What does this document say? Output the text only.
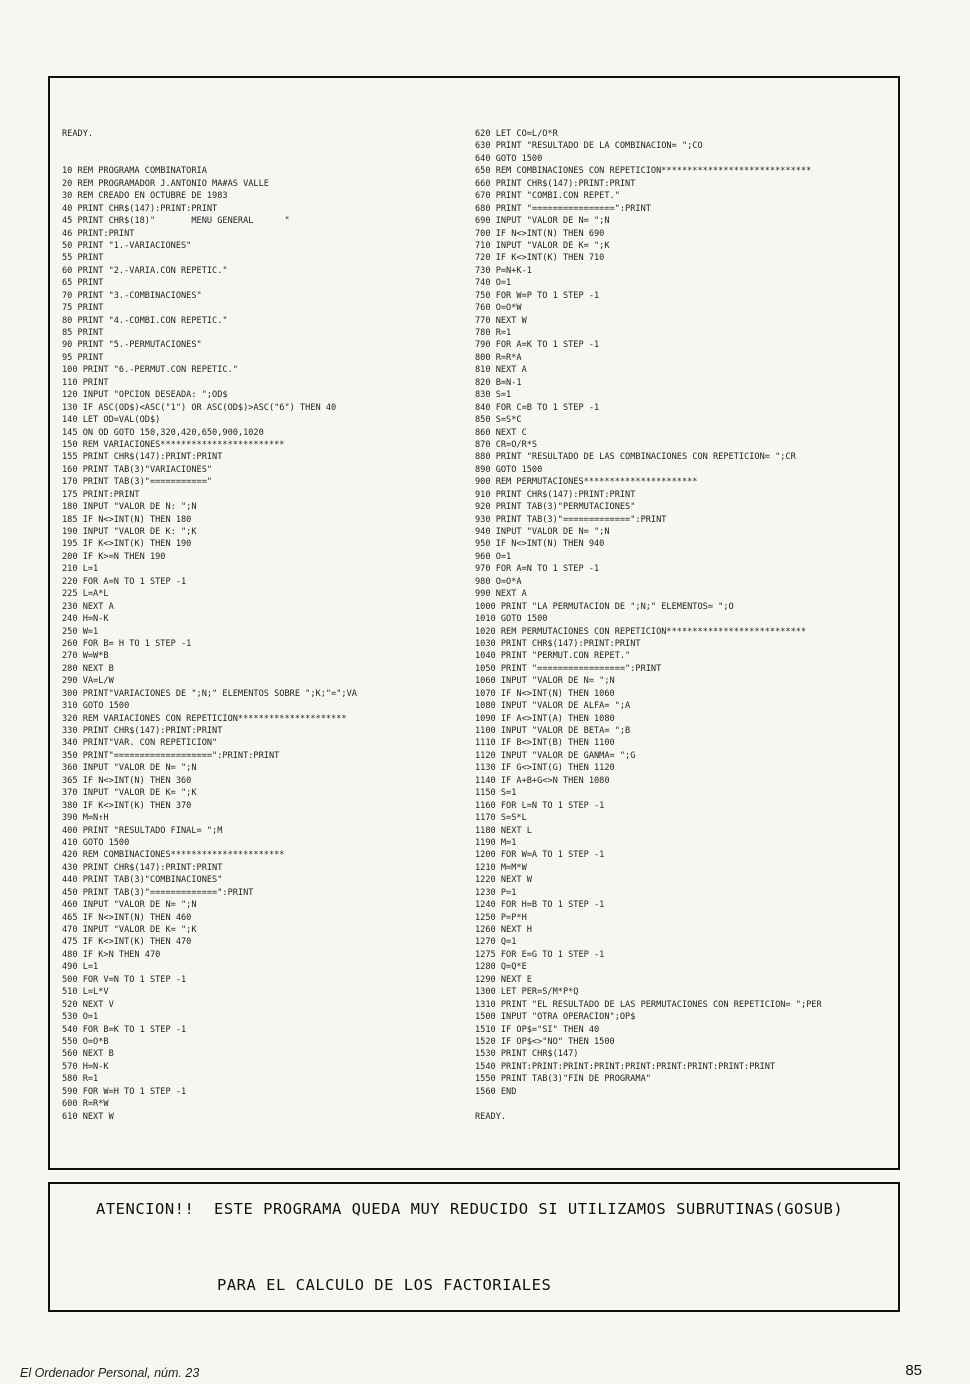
READY.
10 REM PROGRAMA COMBINATORIA
20 REM PROGRAMADOR J.ANTONIO MA#AS VALLE
30 REM CREADO EN OCTUBRE DE 1983
40 PRINT CHR$(147):PRINT:PRINT
45 PRINT CHR$(18)"       MENU GENERAL      "
46 PRINT:PRINT
50 PRINT "1.-VARIACIONES"
55 PRINT
60 PRINT "2.-VARIA.CON REPETIC."
65 PRINT
70 PRINT "3.-COMBINACIONES"
75 PRINT
80 PRINT "4.-COMBI.CON REPETIC."
85 PRINT
90 PRINT "5.-PERMUTACIONES"
95 PRINT
100 PRINT "6.-PERMUT.CON REPETIC."
110 PRINT
120 INPUT "OPCION DESEADA: ";OD$
130 IF ASC(OD$)<ASC("1") OR ASC(OD$)>ASC("6") THEN 40
140 LET OD=VAL(OD$)
145 ON OD GOTO 150,320,420,650,900,1020
150 REM VARIACIONES************************
155 PRINT CHR$(147):PRINT:PRINT
160 PRINT TAB(3)"VARIACIONES"
170 PRINT TAB(3)"==========="
175 PRINT:PRINT
180 INPUT "VALOR DE N: ";N
185 IF N<>INT(N) THEN 180
190 INPUT "VALOR DE K: ";K
195 IF K<>INT(K) THEN 190
200 IF K>=N THEN 190
210 L=1
220 FOR A=N TO 1 STEP -1
225 L=A*L
230 NEXT A
240 H=N-K
250 W=1
260 FOR B= H TO 1 STEP -1
270 W=W*B
280 NEXT B
290 VA=L/W
300 PRINT"VARIACIONES DE ";N;" ELEMENTOS SOBRE ";K;"=";VA
310 GOTO 1500
320 REM VARIACIONES CON REPETICION*********************
330 PRINT CHR$(147):PRINT:PRINT
340 PRINT"VAR. CON REPETICION"
350 PRINT"===================":PRINT:PRINT
360 INPUT "VALOR DE N= ";N
365 IF N<>INT(N) THEN 360
370 INPUT "VALOR DE K= ";K
380 IF K<>INT(K) THEN 370
390 M=N↑H
400 PRINT "RESULTADO FINAL= ";M
410 GOTO 1500
420 REM COMBINACIONES**********************
430 PRINT CHR$(147):PRINT:PRINT
440 PRINT TAB(3)"COMBINACIONES"
450 PRINT TAB(3)"=============":PRINT
460 INPUT "VALOR DE N= ";N
465 IF N<>INT(N) THEN 460
470 INPUT "VALOR DE K= ";K
475 IF K<>INT(K) THEN 470
480 IF K>N THEN 470
490 L=1
500 FOR V=N TO 1 STEP -1
510 L=L*V
520 NEXT V
530 O=1
540 FOR B=K TO 1 STEP -1
550 O=O*B
560 NEXT B
570 H=N-K
580 R=1
590 FOR W=H TO 1 STEP -1
600 R=R*W
610 NEXT W
620 LET CO=L/O*R
630 PRINT "RESULTADO DE LA COMBINACION= ";CO
640 GOTO 1500
650 REM COMBINACIONES CON REPETICION*****************************
660 PRINT CHR$(147):PRINT:PRINT
670 PRINT "COMBI.CON REPET."
680 PRINT "================":PRINT
690 INPUT "VALOR DE N= ";N
700 IF N<>INT(N) THEN 690
710 INPUT "VALOR DE K= ";K
720 IF K<>INT(K) THEN 710
730 P=N+K-1
740 O=1
750 FOR W=P TO 1 STEP -1
760 O=O*W
770 NEXT W
780 R=1
790 FOR A=K TO 1 STEP -1
800 R=R*A
810 NEXT A
820 B=N-1
830 S=1
840 FOR C=B TO 1 STEP -1
850 S=S*C
860 NEXT C
870 CR=O/R*S
880 PRINT "RESULTADO DE LAS COMBINACIONES CON REPETICION= ";CR
890 GOTO 1500
900 REM PERMUTACIONES**********************
910 PRINT CHR$(147):PRINT:PRINT
920 PRINT TAB(3)"PERMUTACIONES"
930 PRINT TAB(3)"=============":PRINT
940 INPUT "VALOR DE N= ";N
950 IF N<>INT(N) THEN 940
960 O=1
970 FOR A=N TO 1 STEP -1
980 O=O*A
990 NEXT A
1000 PRINT "LA PERMUTACION DE ";N;" ELEMENTOS= ";O
1010 GOTO 1500
1020 REM PERMUTACIONES CON REPETICION***************************
1030 PRINT CHR$(147):PRINT:PRINT
1040 PRINT "PERMUT.CON REPET."
1050 PRINT "=================":PRINT
1060 INPUT "VALOR DE N= ";N
1070 IF N<>INT(N) THEN 1060
1080 INPUT "VALOR DE ALFA= ";A
1090 IF A<>INT(A) THEN 1080
1100 INPUT "VALOR DE BETA= ";B
1110 IF B<>INT(B) THEN 1100
1120 INPUT "VALOR DE GANMA= ";G
1130 IF G<>INT(G) THEN 1120
1140 IF A+B+G<>N THEN 1080
1150 S=1
1160 FOR L=N TO 1 STEP -1
1170 S=S*L
1180 NEXT L
1190 M=1
1200 FOR W=A TO 1 STEP -1
1210 M=M*W
1220 NEXT W
1230 P=1
1240 FOR H=B TO 1 STEP -1
1250 P=P*H
1260 NEXT H
1270 Q=1
1275 FOR E=G TO 1 STEP -1
1280 Q=Q*E
1290 NEXT E
1300 LET PER=S/M*P*Q
1310 PRINT "EL RESULTADO DE LAS PERMUTACIONES CON REPETICION= ";PER
1500 INPUT "OTRA OPERACION";OP$
1510 IF OP$="SI" THEN 40
1520 IF OP$<>"NO" THEN 1500
1530 PRINT CHR$(147)
1540 PRINT:PRINT:PRINT:PRINT:PRINT:PRINT:PRINT:PRINT:PRINT
1550 PRINT TAB(3)"FIN DE PROGRAMA"
1560 END
READY.

ATENCION!!  ESTE PROGRAMA QUEDA MUY REDUCIDO SI UTILIZAMOS SUBRUTINAS(GOSUB)

PARA EL CALCULO DE LOS FACTORIALES

El Ordenador Personal, núm. 23	85
